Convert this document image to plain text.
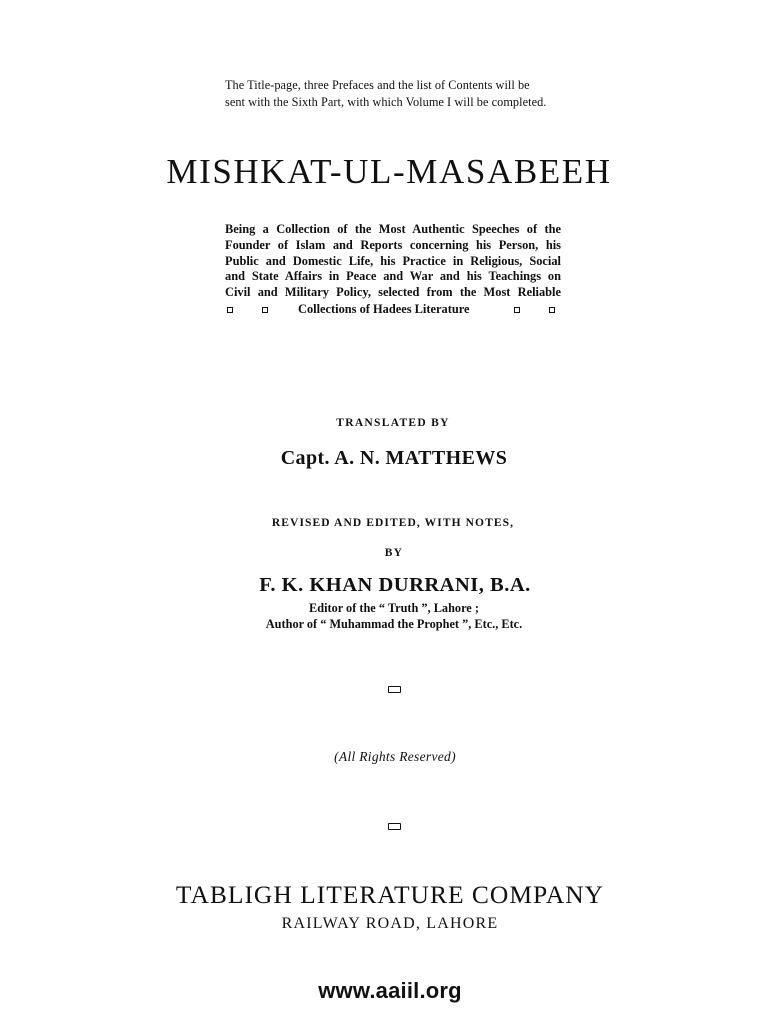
The Title-page, three Prefaces and the list of Contents will be
sent with the Sixth Part, with which Volume I will be completed.
MISHKAT-UL-MASABEEH
Being a Collection of the Most Authentic Speeches of the
Founder of Islam and Reports concerning his Person, his
Public and Domestic Life, his Practice in Religious, Social
and State Affairs in Peace and War and his Teachings on
Civil and Military Policy, selected from the Most Reliable
Collections of Hadees Literature
TRANSLATED BY
Capt. A. N. MATTHEWS
REVISED AND EDITED, WITH NOTES,
BY
F. K. KHAN DURRANI, B.A.
Editor of the “ Truth ”, Lahore ;
Author of “ Muhammad the Prophet ”, Etc., Etc.
(All Rights Reserved)
TABLIGH LITERATURE COMPANY
RAILWAY ROAD, LAHORE
www.aaiil.org
